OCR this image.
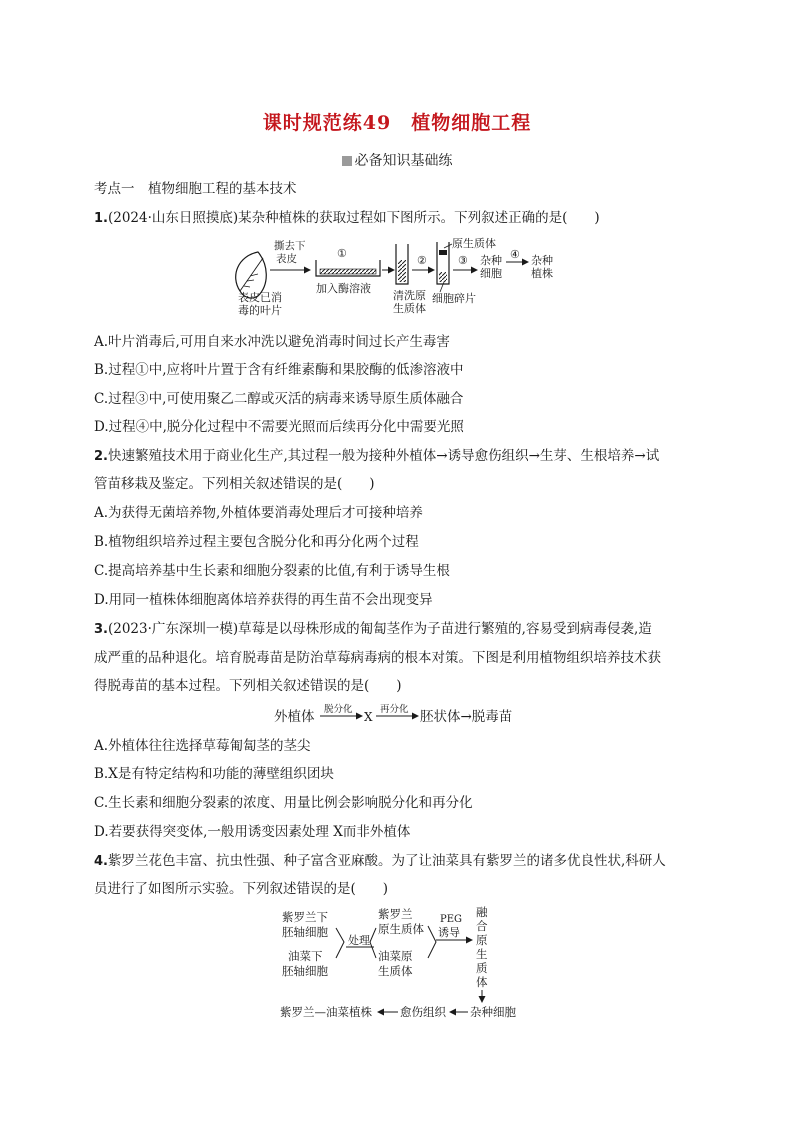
课时规范练49　植物细胞工程
必备知识基础练
考点一　植物细胞工程的基本技术
1.(2024·山东日照摸底)某杂种植株的获取过程如下图所示。下列叙述正确的是(　　)
表皮已消
毒的叶片
撕去下
表皮	①
加入酶溶液
清洗原
生质体
②
原生质体
细胞碎片
③ 杂种
细胞
④ 杂种
植株
A.叶片消毒后,可用自来水冲洗以避免消毒时间过长产生毒害
B.过程①中,应将叶片置于含有纤维素酶和果胶酶的低渗溶液中
C.过程③中,可使用聚乙二醇或灭活的病毒来诱导原生质体融合
D.过程④中,脱分化过程中不需要光照而后续再分化中需要光照
2.快速繁殖技术用于商业化生产,其过程一般为接种外植体→诱导愈伤组织→生芽、生根培养→试
管苗移栽及鉴定。下列相关叙述错误的是(　　)
A.为获得无菌培养物,外植体要消毒处理后才可接种培养
B.植物组织培养过程主要包含脱分化和再分化两个过程
C.提高培养基中生长素和细胞分裂素的比值,有利于诱导生根
D.用同一植株体细胞离体培养获得的再生苗不会出现变异
3.(2023·广东深圳一模)草莓是以母株形成的匍匐茎作为子苗进行繁殖的,容易受到病毒侵袭,造
成严重的品种退化。培育脱毒苗是防治草莓病毒病的根本对策。下图是利用植物组织培养技术获
得脱毒苗的基本过程。下列相关叙述错误的是(　　)
外植体 脱分化
X
再分化 胚状体→脱毒苗
A.外植体往往选择草莓匍匐茎的茎尖
B.X是有特定结构和功能的薄壁组织团块
C.生长素和细胞分裂素的浓度、用量比例会影响脱分化和再分化
D.若要获得突变体,一般用诱变因素处理 X而非外植体
4.紫罗兰花色丰富、抗虫性强、种子富含亚麻酸。为了让油菜具有紫罗兰的诸多优良性状,科研人
员进行了如图所示实验。下列叙述错误的是(　　)
紫罗兰下
胚轴细胞
油菜下
胚轴细胞
处理
紫罗兰
原生质体
油菜原
生质体
PEG
诱导
融合原生质体
紫罗兰—油菜植株 愈伤组织 杂种细胞
